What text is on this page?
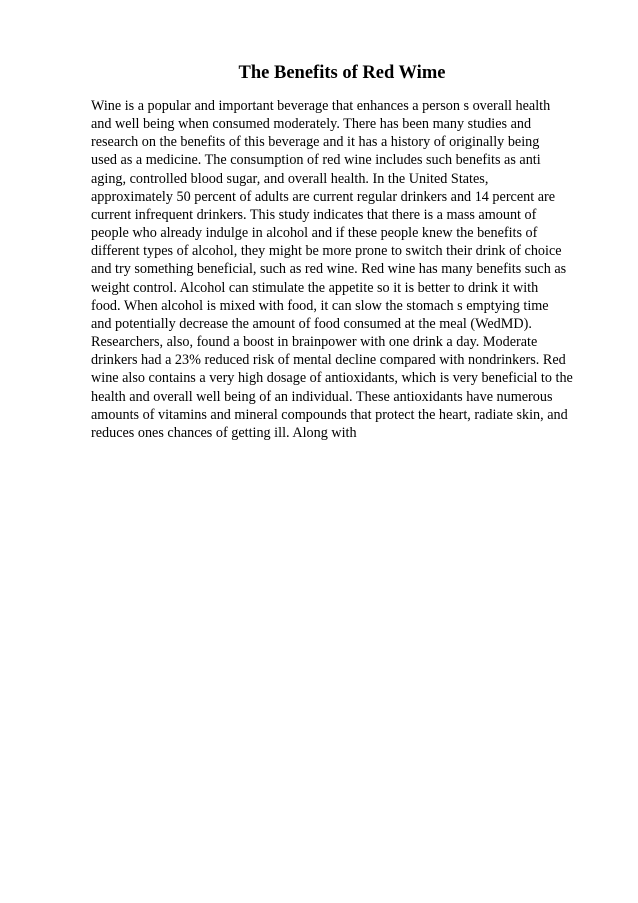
The Benefits of Red Wime
Wine is a popular and important beverage that enhances a person s overall health
and well being when consumed moderately. There has been many studies and
research on the benefits of this beverage and it has a history of originally being
used as a medicine. The consumption of red wine includes such benefits as anti
aging, controlled blood sugar, and overall health. In the United States,
approximately 50 percent of adults are current regular drinkers and 14 percent are
current infrequent drinkers. This study indicates that there is a mass amount of
people who already indulge in alcohol and if these people knew the benefits of
different types of alcohol, they might be more prone to switch their drink of choice
and try something beneficial, such as red wine. Red wine has many benefits such as
weight control. Alcohol can stimulate the appetite so it is better to drink it with
food. When alcohol is mixed with food, it can slow the stomach s emptying time
and potentially decrease the amount of food consumed at the meal (WedMD).
Researchers, also, found a boost in brainpower with one drink a day. Moderate
drinkers had a 23% reduced risk of mental decline compared with nondrinkers. Red
wine also contains a very high dosage of antioxidants, which is very beneficial to the
health and overall well being of an individual. These antioxidants have numerous
amounts of vitamins and mineral compounds that protect the heart, radiate skin, and
reduces ones chances of getting ill. Along with
